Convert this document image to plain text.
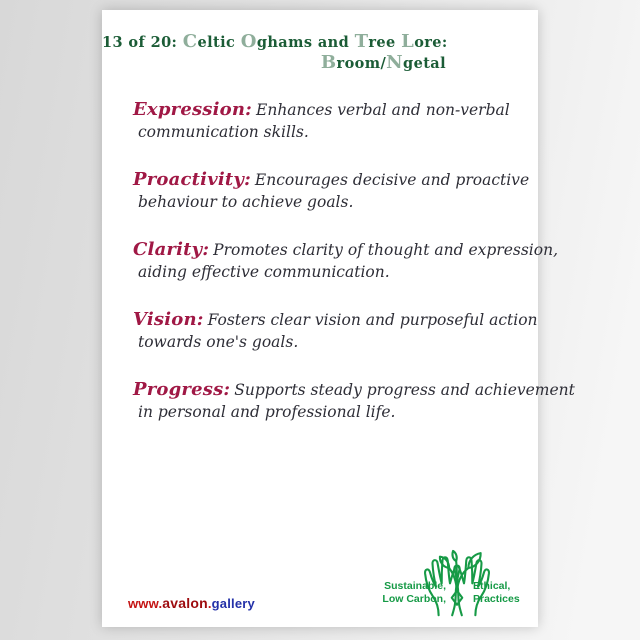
13 of 20: Celtic Oghams and Tree Lore:
Broom/Ngetal
Expression: Enhances verbal and non-verbal
communication skills.
Proactivity: Encourages decisive and proactive
behaviour to achieve goals.
Clarity: Promotes clarity of thought and expression,
aiding effective communication.
Vision: Fosters clear vision and purposeful action
towards one's goals.
Progress: Supports steady progress and achievement
in personal and professional life.
www.avalon.gallery
Sustainable,
Low Carbon,
Ethical,
Practices
